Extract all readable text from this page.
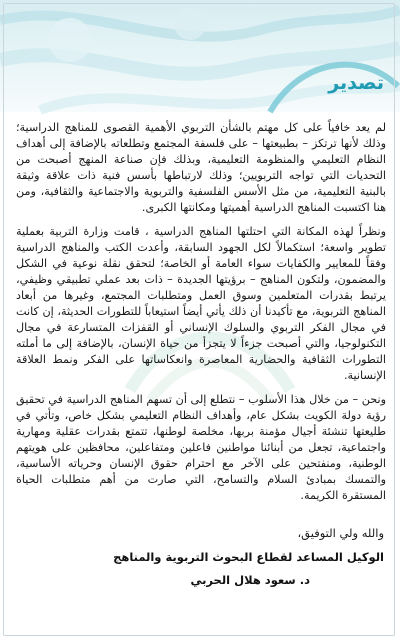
تصدير

لم يعد خافياً على كل مهتم بالشأن التربوي الأهمية القصوى للمناهج الدراسية؛ وذلك لأنها ترتكز – بطبيعتها – على فلسفة المجتمع وتطلعاته بالإضافة إلى أهداف النظام التعليمي والمنظومة التعليمية، وبذلك فإن صناعة المنهج أصبحت من التحديات التي تواجه التربويين؛ وذلك لارتباطها بأسس فنية ذات علاقة وثيقة بالبنية التعليمية، من مثل الأسس الفلسفية والتربوية والاجتماعية والثقافية، ومن هنا اكتسبت المناهج الدراسية أهميتها ومكانتها الكبرى.

ونظراً لهذه المكانة التي احتلتها المناهج الدراسية ، قامت وزارة التربية بعملية تطوير واسعة؛ استكمالاً لكل الجهود السابقة، وأعدت الكتب والمناهج الدراسية وفقاً للمعايير والكفايات سواء العامة أو الخاصة؛ لتحقق نقلة نوعية في الشكل والمضمون، ولتكون المناهج – برؤيتها الجديدة – ذات بعد عملي تطبيقي وظيفي، يرتبط بقدرات المتعلمين وسوق العمل ومتطلبات المجتمع، وغيرها من أبعاد المناهج التربوية، مع تأكيدنا أن ذلك يأتي أيضاً استيعاباً للتطورات الحديثة، إن كانت في مجال الفكر التربوي والسلوك الإنساني أو القفزات المتسارعة في مجال التكنولوجيا، والتي أصبحت جزءاً لا يتجزأ من حياة الإنسان، بالإضافة إلى ما أملته التطورات الثقافية والحضارية المعاصرة وانعكاساتها على الفكر ونمط العلاقة الإنسانية.

ونحن – من خلال هذا الأسلوب – نتطلع إلى أن تسهم المناهج الدراسية في تحقيق رؤية دولة الكويت بشكل عام، وأهداف النظام التعليمي بشكل خاص، وتأتي في طليعتها تنشئة أجيال مؤمنة بربها، مخلصة لوطنها، تتمتع بقدرات عقلية ومهارية واجتماعية، تجعل من أبنائنا مواطنين فاعلين ومتفاعلين، محافظين على هويتهم الوطنية، ومنفتحين على الآخر مع احترام حقوق الإنسان وحرياته الأساسية، والتمسك بمبادئ السلام والتسامح، التي صارت من أهم متطلبات الحياة المستقرة الكريمة.

والله ولي التوفيق،
الوكيل المساعد لقطاع البحوث التربوية والمناهج
د. سعود هلال الحربي
